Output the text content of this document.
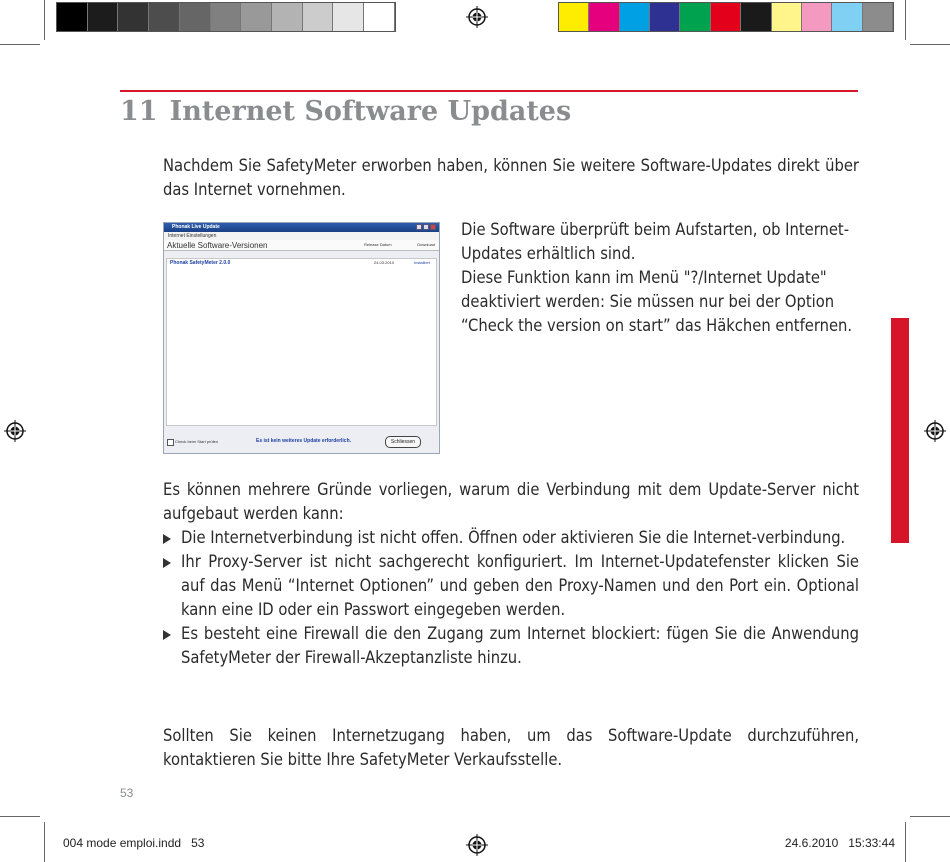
11 Internet Software Updates
Nachdem Sie SafetyMeter erworben haben, können Sie weitere Software-Updates direkt über das Internet vornehmen.
Phonak Live Update
Internet Einstellungen
Aktuelle Software-Versionen	Release Datum	Download
Phonak SafetyMeter 2.0.0	24.03.2010	Installiert
Check beim Start prüfen	Es ist kein weiteres Update erforderlich.	Schliessen
Die Software überprüft beim Aufstarten, ob Internet-Updates erhältlich sind.
Diese Funktion kann im Menü "?/Internet Update" deaktiviert werden: Sie müssen nur bei der Option “Check the version on start” das Häkchen entfernen.
Es können mehrere Gründe vorliegen, warum die Verbindung mit dem Update-Server nicht aufgebaut werden kann:
Die Internetverbindung ist nicht offen. Öffnen oder aktivieren Sie die Internet-verbindung.
Ihr Proxy-Server ist nicht sachgerecht konfiguriert. Im Internet-Updatefenster klicken Sie auf das Menü “Internet Optionen” und geben den Proxy-Namen und den Port ein. Optional kann eine ID oder ein Passwort eingegeben werden.
Es besteht eine Firewall die den Zugang zum Internet blockiert: fügen Sie die Anwendung SafetyMeter der Firewall-Akzeptanzliste hinzu.
Sollten Sie keinen Internetzugang haben, um das Software-Update durchzuführen, kontaktieren Sie bitte Ihre SafetyMeter Verkaufsstelle.
53
004 mode emploi.indd   53	24.6.2010   15:33:44
